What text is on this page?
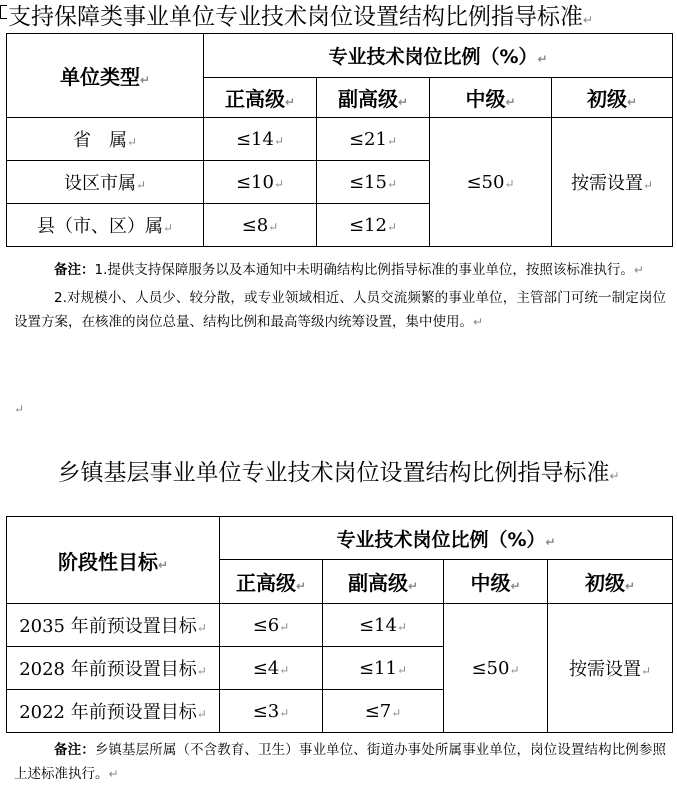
支持保障类事业单位专业技术岗位设置结构比例指导标准↵
单位类型↵	专业技术岗位比例（%）↵			
	正高级↵	副高级↵	中级↵	初级↵
省　属↵	≤14↵	≤21↵	≤50↵	按需设置↵
设区市属↵	≤10↵	≤15↵		
县（市、区）属↵	≤8↵	≤12↵		
备注：1.提供支持保障服务以及本通知中未明确结构比例指导标准的事业单位，按照该标准执行。↵
2.对规模小、人员少、较分散，或专业领域相近、人员交流频繁的事业单位，主管部门可统一制定岗位设置方案，在核准的岗位总量、结构比例和最高等级内统筹设置，集中使用。↵
↵
乡镇基层事业单位专业技术岗位设置结构比例指导标准↵
阶段性目标↵	专业技术岗位比例（%）↵			
	正高级↵	副高级↵	中级↵	初级↵
2035 年前预设置目标↵	≤6↵	≤14↵	≤50↵	按需设置↵
2028 年前预设置目标↵	≤4↵	≤11↵		
2022 年前预设置目标↵	≤3↵	≤7↵		
备注：乡镇基层所属（不含教育、卫生）事业单位、街道办事处所属事业单位，岗位设置结构比例参照上述标准执行。↵
